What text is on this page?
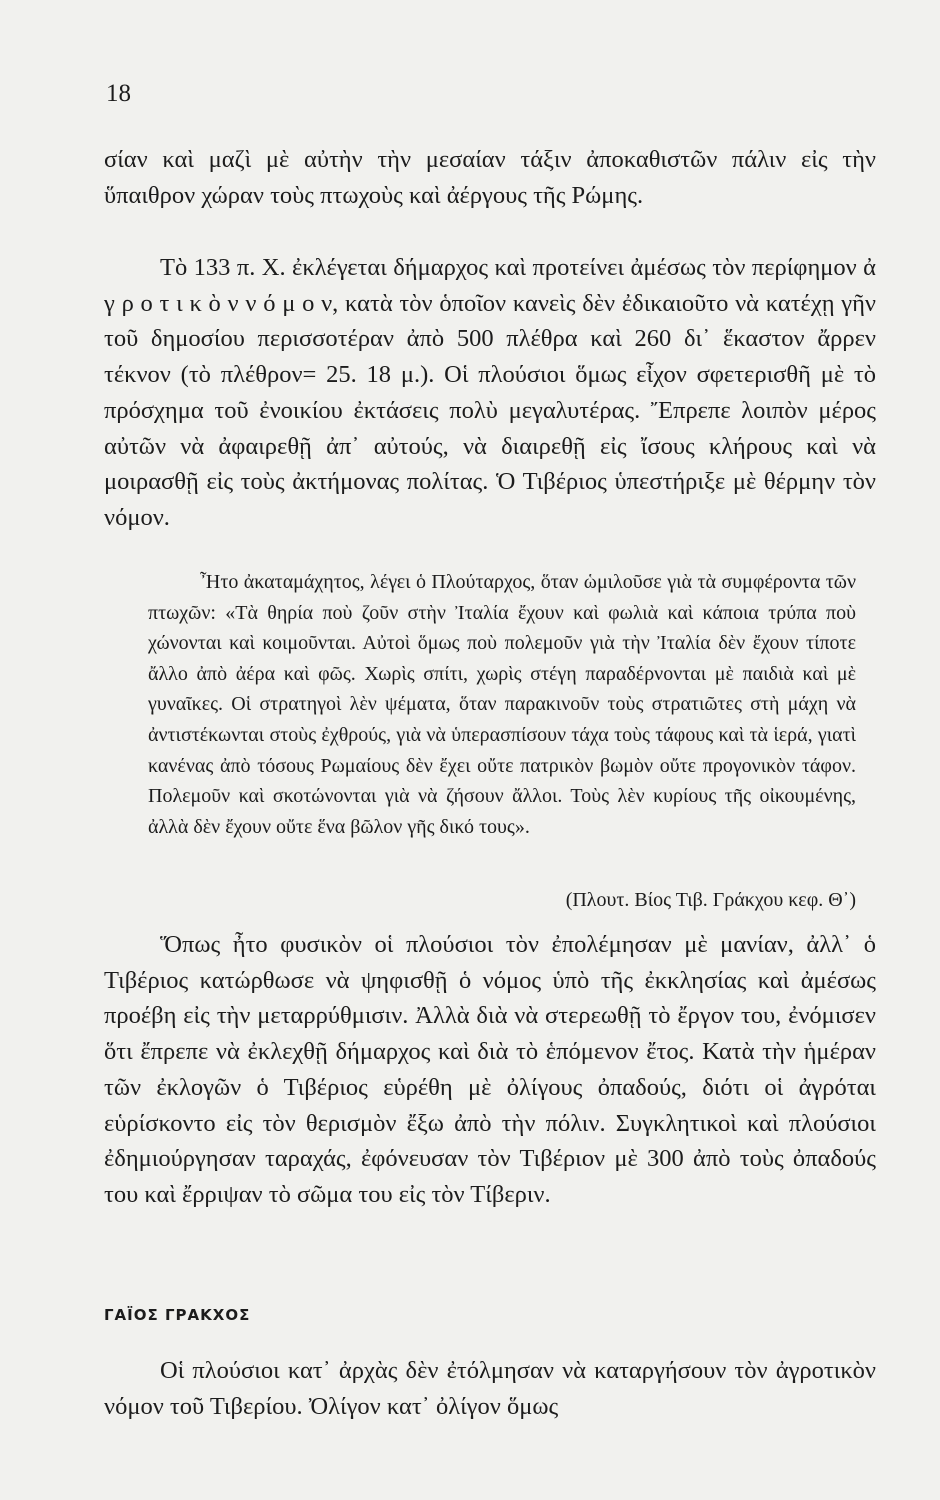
18

σίαν καὶ μαζὶ μὲ αὐτὴν τὴν μεσαίαν τάξιν ἀποκαθιστῶν πάλιν εἰς τὴν ὕπαιθρον χώραν τοὺς πτωχοὺς καὶ ἀέργους τῆς Ρώμης.

Τὸ 133 π. Χ. ἐκλέγεται δήμαρχος καὶ προτείνει ἀμέσως τὸν περίφημον ἀ γ ρ ο τ ι κ ὸ ν ν ό μ ο ν, κατὰ τὸν ὁποῖον κανεὶς δὲν ἐδικαιοῦτο νὰ κατέχῃ γῆν τοῦ δημοσίου περισσοτέραν ἀπὸ 500 πλέθρα καὶ 260 δι᾽ ἕκαστον ἄρρεν τέκνον (τὸ πλέθρον= 25. 18 μ.). Οἱ πλούσιοι ὅμως εἶχον σφετερισθῆ μὲ τὸ πρόσχημα τοῦ ἐνοικίου ἐκτάσεις πολὺ μεγαλυτέρας. Ἔπρεπε λοιπὸν μέρος αὐτῶν νὰ ἀφαιρεθῇ ἀπ᾽ αὐτούς, νὰ διαιρεθῇ εἰς ἴσους κλήρους καὶ νὰ μοιρασθῇ εἰς τοὺς ἀκτήμονας πολίτας. Ὁ Τιβέριος ὑπεστήριξε μὲ θέρμην τὸν νόμον.

Ἦτο ἀκαταμάχητος, λέγει ὁ Πλούταρχος, ὅταν ὡμιλοῦσε γιὰ τὰ συμφέροντα τῶν πτωχῶν: «Τὰ θηρία ποὺ ζοῦν στὴν Ἰταλία ἔχουν καὶ φωλιὰ καὶ κάποια τρύπα ποὺ χώνονται καὶ κοιμοῦνται. Αὐτοὶ ὅμως ποὺ πολεμοῦν γιὰ τὴν Ἰταλία δὲν ἔχουν τίποτε ἄλλο ἀπὸ ἀέρα καὶ φῶς. Χωρὶς σπίτι, χωρὶς στέγη παραδέρνονται μὲ παιδιὰ καὶ μὲ γυναῖκες. Οἱ στρατηγοὶ λὲν ψέματα, ὅταν παρακινοῦν τοὺς στρατιῶτες στὴ μάχη νὰ ἀντιστέκωνται στοὺς ἐχθρούς, γιὰ νὰ ὑπερασπίσουν τάχα τοὺς τάφους καὶ τὰ ἱερά, γιατὶ κανένας ἀπὸ τόσους Ρωμαίους δὲν ἔχει οὔτε πατρικὸν βωμὸν οὔτε προγονικὸν τάφον. Πολεμοῦν καὶ σκοτώνονται γιὰ νὰ ζήσουν ἄλλοι. Τοὺς λὲν κυρίους τῆς οἰκουμένης, ἀλλὰ δὲν ἔχουν οὔτε ἕνα βῶλον γῆς δικό τους».

(Πλουτ. Βίος Τιβ. Γράκχου κεφ. Θ᾽)

Ὅπως ἦτο φυσικὸν οἱ πλούσιοι τὸν ἐπολέμησαν μὲ μανίαν, ἀλλ᾽ ὁ Τιβέριος κατώρθωσε νὰ ψηφισθῇ ὁ νόμος ὑπὸ τῆς ἐκκλησίας καὶ ἀμέσως προέβη εἰς τὴν μεταρρύθμισιν. Ἀλλὰ διὰ νὰ στερεωθῇ τὸ ἔργον του, ἐνόμισεν ὅτι ἔπρεπε νὰ ἐκλεχθῇ δήμαρχος καὶ διὰ τὸ ἑπόμενον ἔτος. Κατὰ τὴν ἡμέραν τῶν ἐκλογῶν ὁ Τιβέριος εὑρέθη μὲ ὀλίγους ὀπαδούς, διότι οἱ ἀγρόται εὑρίσκοντο εἰς τὸν θερισμὸν ἔξω ἀπὸ τὴν πόλιν. Συγκλητικοὶ καὶ πλούσιοι ἐδημιούργησαν ταραχάς, ἐφόνευσαν τὸν Τιβέριον μὲ 300 ἀπὸ τοὺς ὀπαδούς του καὶ ἔρριψαν τὸ σῶμα του εἰς τὸν Τίβεριν.

ΓΑΪΟΣ ΓΡΑΚΧΟΣ

Οἱ πλούσιοι κατ᾽ ἀρχὰς δὲν ἐτόλμησαν νὰ καταργήσουν τὸν ἀγροτικὸν νόμον τοῦ Τιβερίου. Ὀλίγον κατ᾽ ὀλίγον ὅμως
